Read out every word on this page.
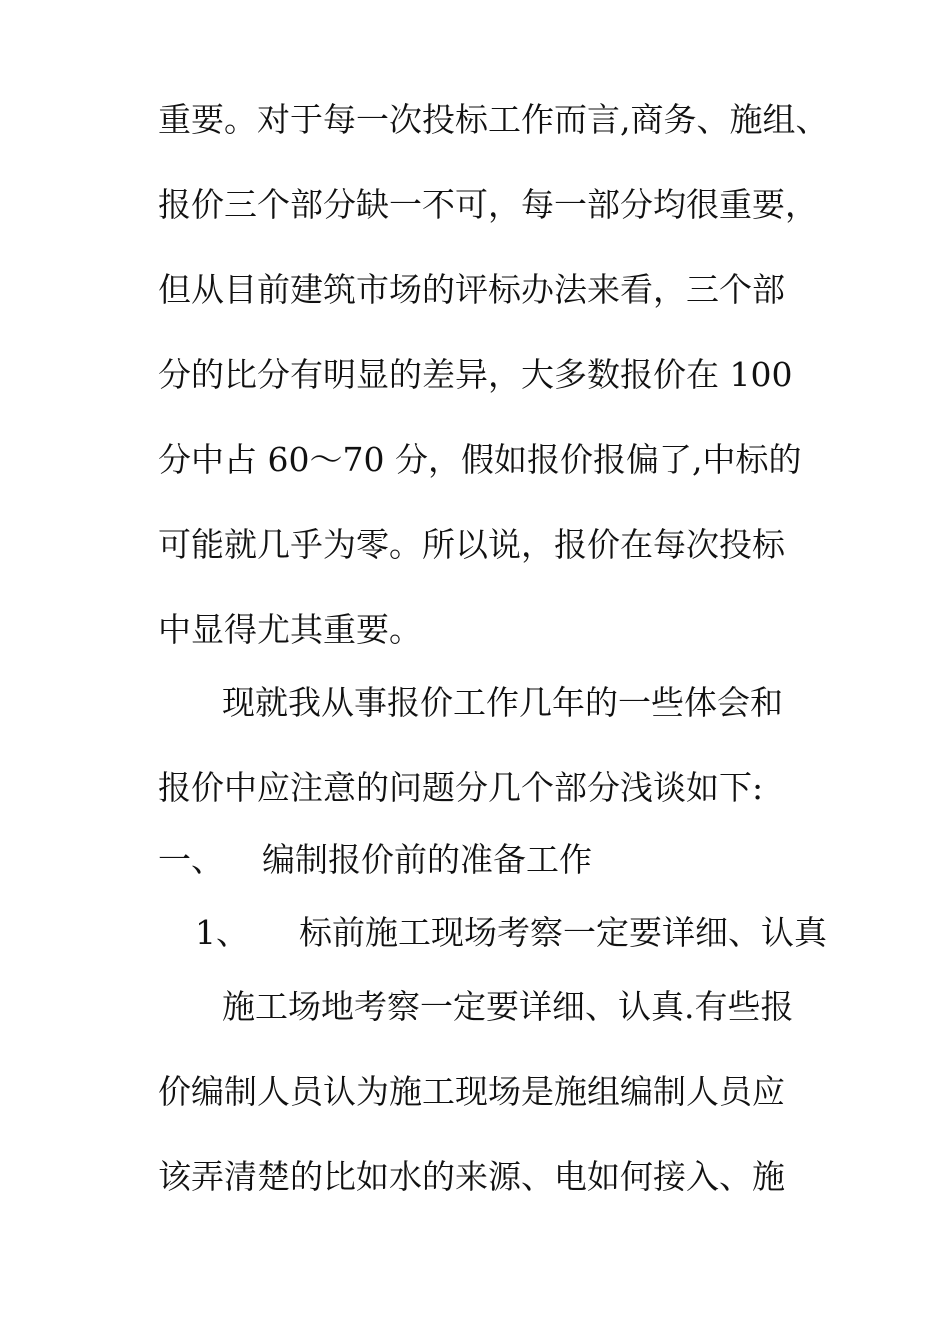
重要。对于每一次投标工作而言,商务、施组、
报价三个部分缺一不可，每一部分均很重要，
但从目前建筑市场的评标办法来看，三个部
分的比分有明显的差异，大多数报价在 100
分中占 60～70 分，假如报价报偏了,中标的
可能就几乎为零。所以说，报价在每次投标
中显得尤其重要。
现就我从事报价工作几年的一些体会和
报价中应注意的问题分几个部分浅谈如下:
一、 编制报价前的准备工作
1、 标前施工现场考察一定要详细、认真
施工场地考察一定要详细、认真.有些报
价编制人员认为施工现场是施组编制人员应
该弄清楚的比如水的来源、电如何接入、施
